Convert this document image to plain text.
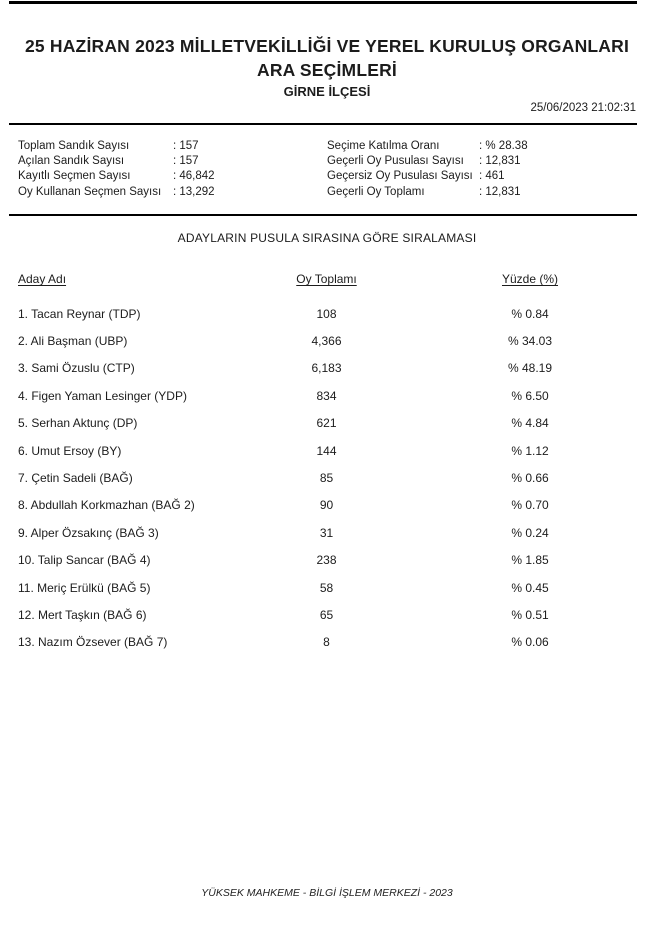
25 HAZİRAN 2023 MİLLETVEKİLLİĞİ VE YEREL KURULUŞ ORGANLARI
ARA SEÇİMLERİ
GİRNE İLÇESİ
25/06/2023 21:02:31
Toplam Sandık Sayısı	: 157
Açılan Sandık Sayısı	: 157
Kayıtlı Seçmen Sayısı	: 46,842
Oy Kullanan Seçmen Sayısı	: 13,292
Seçime Katılma Oranı	: % 28.38
Geçerli Oy Pusulası Sayısı	: 12,831
Geçersiz Oy Pusulası Sayısı	: 461
Geçerli Oy Toplamı	: 12,831
ADAYLARIN PUSULA SIRASINA GÖRE SIRALAMASI
Aday Adı	Oy Toplamı	Yüzde (%)
1. Tacan Reynar (TDP)	108	% 0.84
2. Ali Başman (UBP)	4,366	% 34.03
3. Sami Özuslu (CTP)	6,183	% 48.19
4. Figen Yaman Lesinger (YDP)	834	% 6.50
5. Serhan Aktunç (DP)	621	% 4.84
6. Umut Ersoy (BY)	144	% 1.12
7. Çetin Sadeli (BAĞ)	85	% 0.66
8. Abdullah Korkmazhan (BAĞ 2)	90	% 0.70
9. Alper Özsakınç (BAĞ 3)	31	% 0.24
10. Talip Sancar (BAĞ 4)	238	% 1.85
11. Meriç Erülkü (BAĞ 5)	58	% 0.45
12. Mert Taşkın (BAĞ 6)	65	% 0.51
13. Nazım Özsever (BAĞ 7)	8	% 0.06
YÜKSEK MAHKEME - BİLGİ İŞLEM MERKEZİ - 2023
